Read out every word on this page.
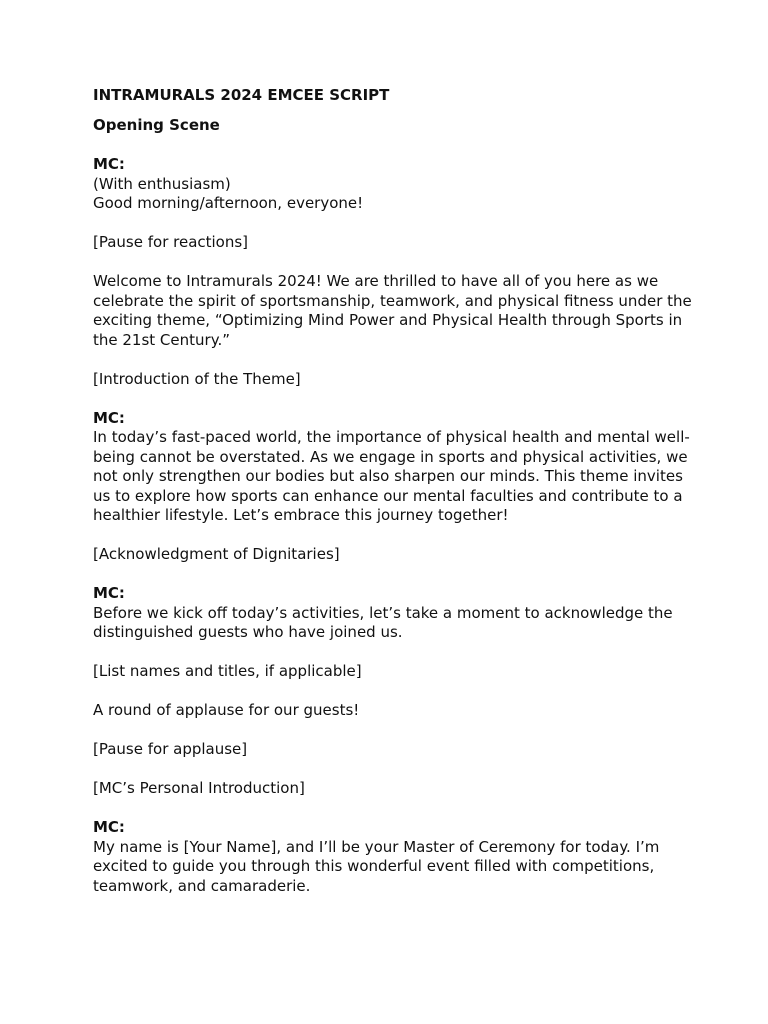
INTRAMURALS 2024 EMCEE SCRIPT
Opening Scene
MC:
(With enthusiasm)
Good morning/afternoon, everyone!
[Pause for reactions]
Welcome to Intramurals 2024! We are thrilled to have all of you here as we celebrate the spirit of sportsmanship, teamwork, and physical fitness under the exciting theme, “Optimizing Mind Power and Physical Health through Sports in the 21st Century.”
[Introduction of the Theme]
MC:
In today’s fast-paced world, the importance of physical health and mental well-being cannot be overstated. As we engage in sports and physical activities, we not only strengthen our bodies but also sharpen our minds. This theme invites us to explore how sports can enhance our mental faculties and contribute to a healthier lifestyle. Let’s embrace this journey together!
[Acknowledgment of Dignitaries]
MC:
Before we kick off today’s activities, let’s take a moment to acknowledge the distinguished guests who have joined us.
[List names and titles, if applicable]
A round of applause for our guests!
[Pause for applause]
[MC’s Personal Introduction]
MC:
My name is [Your Name], and I’ll be your Master of Ceremony for today. I’m excited to guide you through this wonderful event filled with competitions, teamwork, and camaraderie.
